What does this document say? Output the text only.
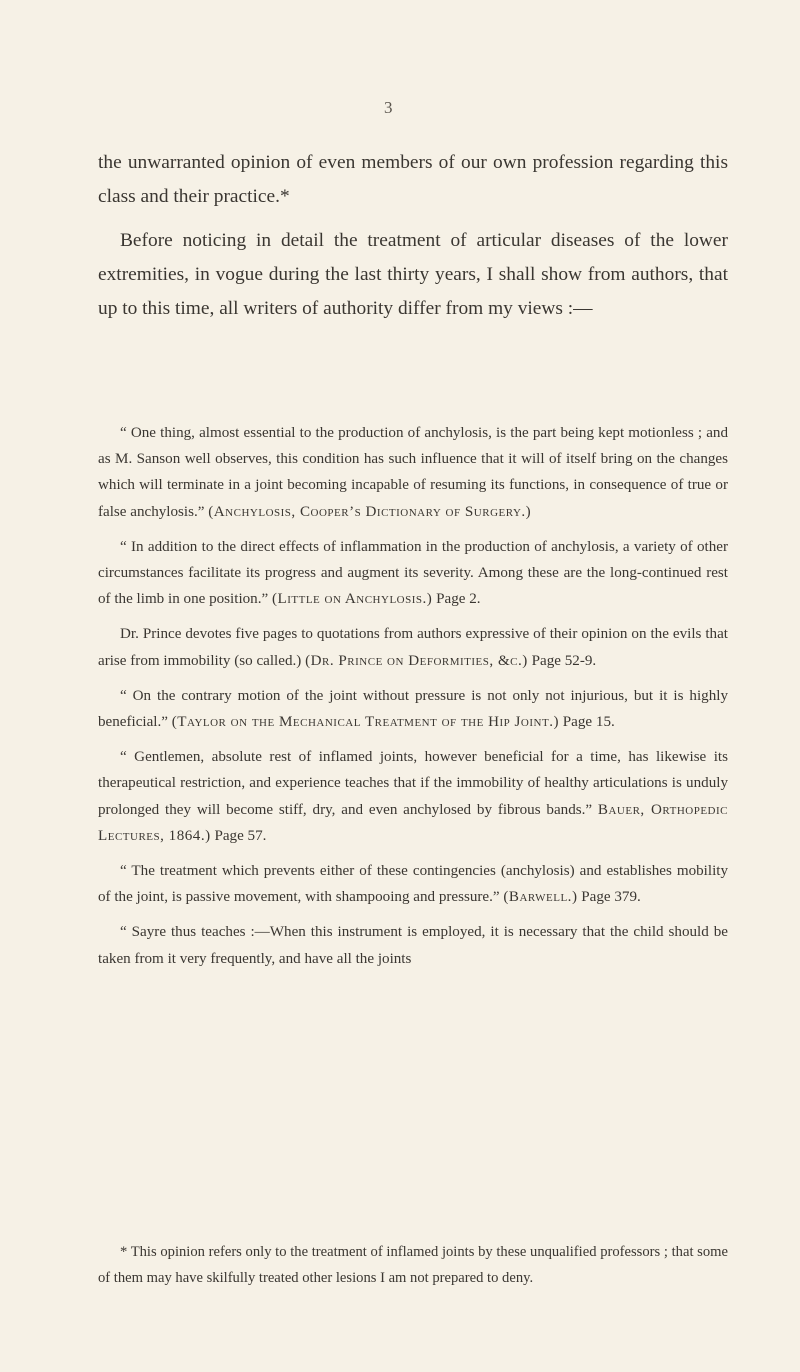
3

the unwarranted opinion of even members of our own profession regarding this class and their practice.*

Before noticing in detail the treatment of articular diseases of the lower extremities, in vogue during the last thirty years, I shall show from authors, that up to this time, all writers of authority differ from my views :—

“ One thing, almost essential to the production of anchylosis, is the part being kept motionless ; and as M. Sanson well observes, this condition has such influence that it will of itself bring on the changes which will terminate in a joint becoming incapable of resuming its functions, in consequence of true or false anchylosis.” (Anchylosis, Cooper’s Dictionary of Surgery.)

“ In addition to the direct effects of inflammation in the production of anchylosis, a variety of other circumstances facilitate its progress and augment its severity. Among these are the long-continued rest of the limb in one position.” (Little on Anchylosis.) Page 2.

Dr. Prince devotes five pages to quotations from authors expressive of their opinion on the evils that arise from immobility (so called.) (Dr. Prince on Deformities, &c.) Page 52-9.

“ On the contrary motion of the joint without pressure is not only not injurious, but it is highly beneficial.” (Taylor on the Mechanical Treatment of the Hip Joint.) Page 15.

“ Gentlemen, absolute rest of inflamed joints, however beneficial for a time, has likewise its therapeutical restriction, and experience teaches that if the immobility of healthy articulations is unduly prolonged they will become stiff, dry, and even anchylosed by fibrous bands.” Bauer, Orthopedic Lectures, 1864.) Page 57.

“ The treatment which prevents either of these contingencies (anchylosis) and establishes mobility of the joint, is passive movement, with shampooing and pressure.” (Barwell.) Page 379.

“ Sayre thus teaches :—When this instrument is employed, it is necessary that the child should be taken from it very frequently, and have all the joints

* This opinion refers only to the treatment of inflamed joints by these unqualified professors ; that some of them may have skilfully treated other lesions I am not prepared to deny.
